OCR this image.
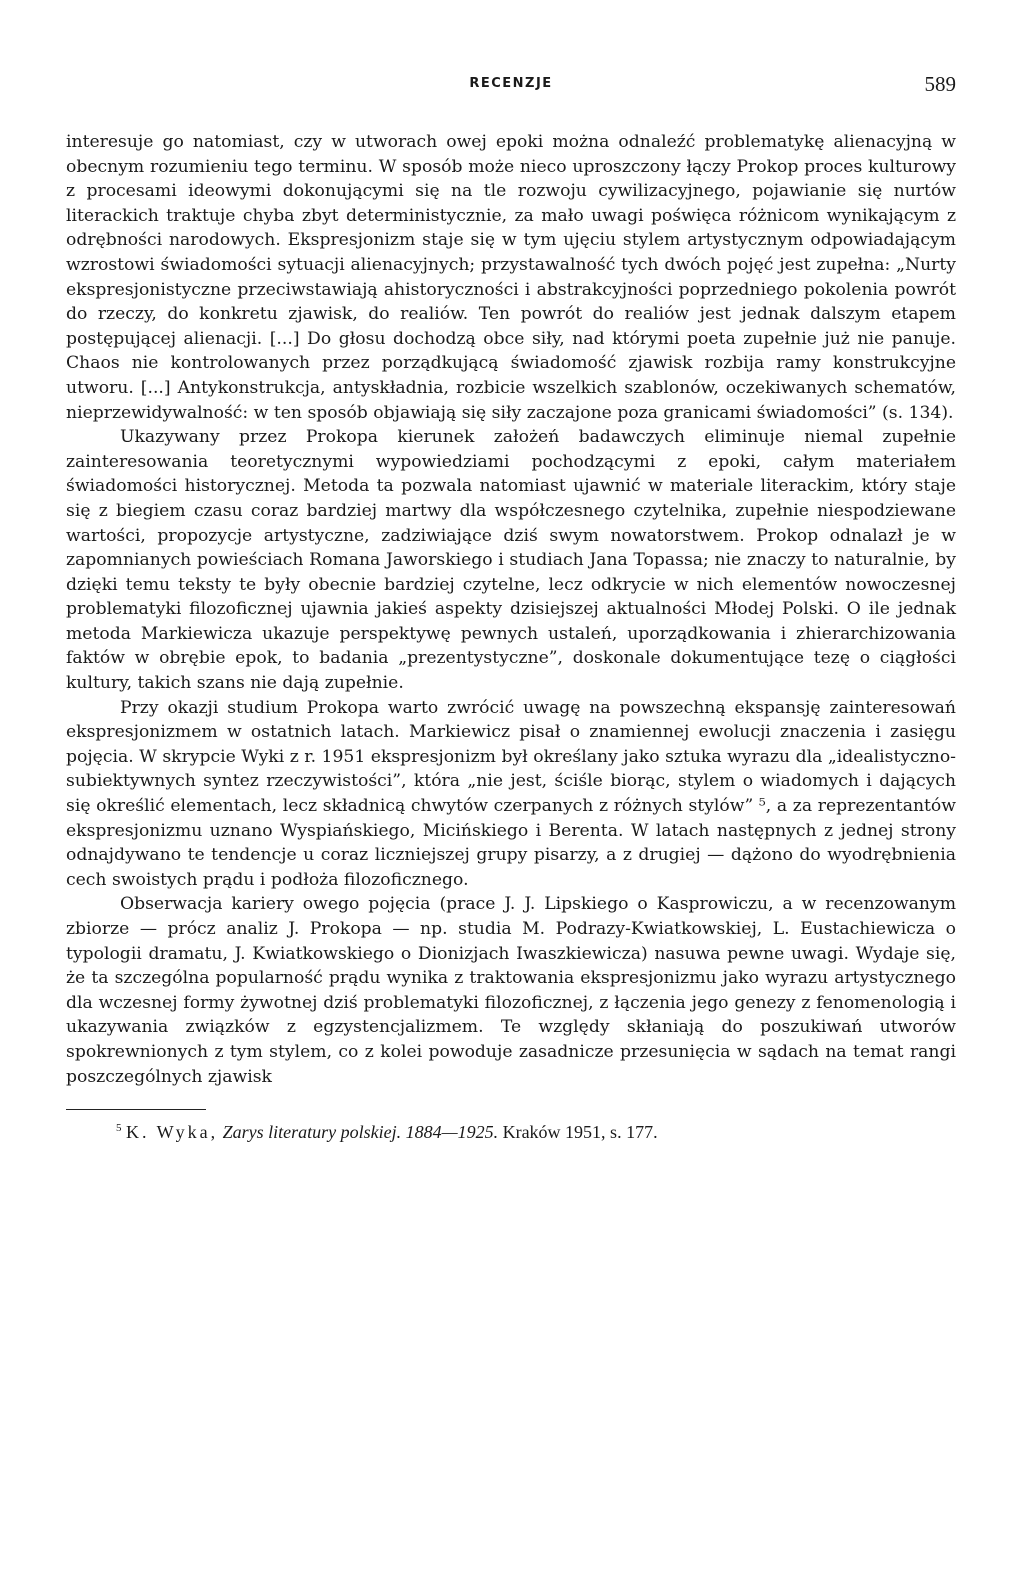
RECENZJE	589

interesuje go natomiast, czy w utworach owej epoki można odnaleźć problematykę alienacyjną w obecnym rozumieniu tego terminu. W sposób może nieco uproszczony łączy Prokop proces kulturowy z procesami ideowymi dokonującymi się na tle rozwoju cywilizacyjnego, pojawianie się nurtów literackich traktuje chyba zbyt deterministycznie, za mało uwagi poświęca różnicom wynikającym z odrębności narodowych. Ekspresjonizm staje się w tym ujęciu stylem artystycznym odpowiadającym wzrostowi świadomości sytuacji alienacyjnych; przystawalność tych dwóch pojęć jest zupełna: „Nurty ekspresjonistyczne przeciwstawiają ahistoryczności i abstrakcyjności poprzedniego pokolenia powrót do rzeczy, do konkretu zjawisk, do realiów. Ten powrót do realiów jest jednak dalszym etapem postępującej alienacji. [...] Do głosu dochodzą obce siły, nad którymi poeta zupełnie już nie panuje. Chaos nie kontrolowanych przez porządkującą świadomość zjawisk rozbija ramy konstrukcyjne utworu. [...] Antykonstrukcja, antyskładnia, rozbicie wszelkich szablonów, oczekiwanych schematów, nieprzewidywalność: w ten sposób objawiają się siły zaczajone poza granicami świadomości” (s. 134).

Ukazywany przez Prokopa kierunek założeń badawczych eliminuje niemal zupełnie zainteresowania teoretycznymi wypowiedziami pochodzącymi z epoki, całym materiałem świadomości historycznej. Metoda ta pozwala natomiast ujawnić w materiale literackim, który staje się z biegiem czasu coraz bardziej martwy dla współczesnego czytelnika, zupełnie niespodziewane wartości, propozycje artystyczne, zadziwiające dziś swym nowatorstwem. Prokop odnalazł je w zapomnianych powieściach Romana Jaworskiego i studiach Jana Topassa; nie znaczy to naturalnie, by dzięki temu teksty te były obecnie bardziej czytelne, lecz odkrycie w nich elementów nowoczesnej problematyki filozoficznej ujawnia jakieś aspekty dzisiejszej aktualności Młodej Polski. O ile jednak metoda Markiewicza ukazuje perspektywę pewnych ustaleń, uporządkowania i zhierarchizowania faktów w obrębie epok, to badania „prezentystyczne”, doskonale dokumentujące tezę o ciągłości kultury, takich szans nie dają zupełnie.

Przy okazji studium Prokopa warto zwrócić uwagę na powszechną ekspansję zainteresowań ekspresjonizmem w ostatnich latach. Markiewicz pisał o znamiennej ewolucji znaczenia i zasięgu pojęcia. W skrypcie Wyki z r. 1951 ekspresjonizm był określany jako sztuka wyrazu dla „idealistyczno-subiektywnych syntez rzeczywistości”, która „nie jest, ściśle biorąc, stylem o wiadomych i dających się określić elementach, lecz składnicą chwytów czerpanych z różnych stylów” ⁵, a za reprezentantów ekspresjonizmu uznano Wyspiańskiego, Micińskiego i Berenta. W latach następnych z jednej strony odnajdywano te tendencje u coraz liczniejszej grupy pisarzy, a z drugiej — dążono do wyodrębnienia cech swoistych prądu i podłoża filozoficznego.

Obserwacja kariery owego pojęcia (prace J. J. Lipskiego o Kasprowiczu, a w recenzowanym zbiorze — prócz analiz J. Prokopa — np. studia M. Podrazy-Kwiatkowskiej, L. Eustachiewicza o typologii dramatu, J. Kwiatkowskiego o Dionizjach Iwaszkiewicza) nasuwa pewne uwagi. Wydaje się, że ta szczególna popularność prądu wynika z traktowania ekspresjonizmu jako wyrazu artystycznego dla wczesnej formy żywotnej dziś problematyki filozoficznej, z łączenia jego genezy z fenomenologią i ukazywania związków z egzystencjalizmem. Te względy skłaniają do poszukiwań utworów spokrewnionych z tym stylem, co z kolei powoduje zasadnicze przesunięcia w sądach na temat rangi poszczególnych zjawisk

$^5$ K. Wyka, Zarys literatury polskiej. 1884—1925. Kraków 1951, s. 177.
